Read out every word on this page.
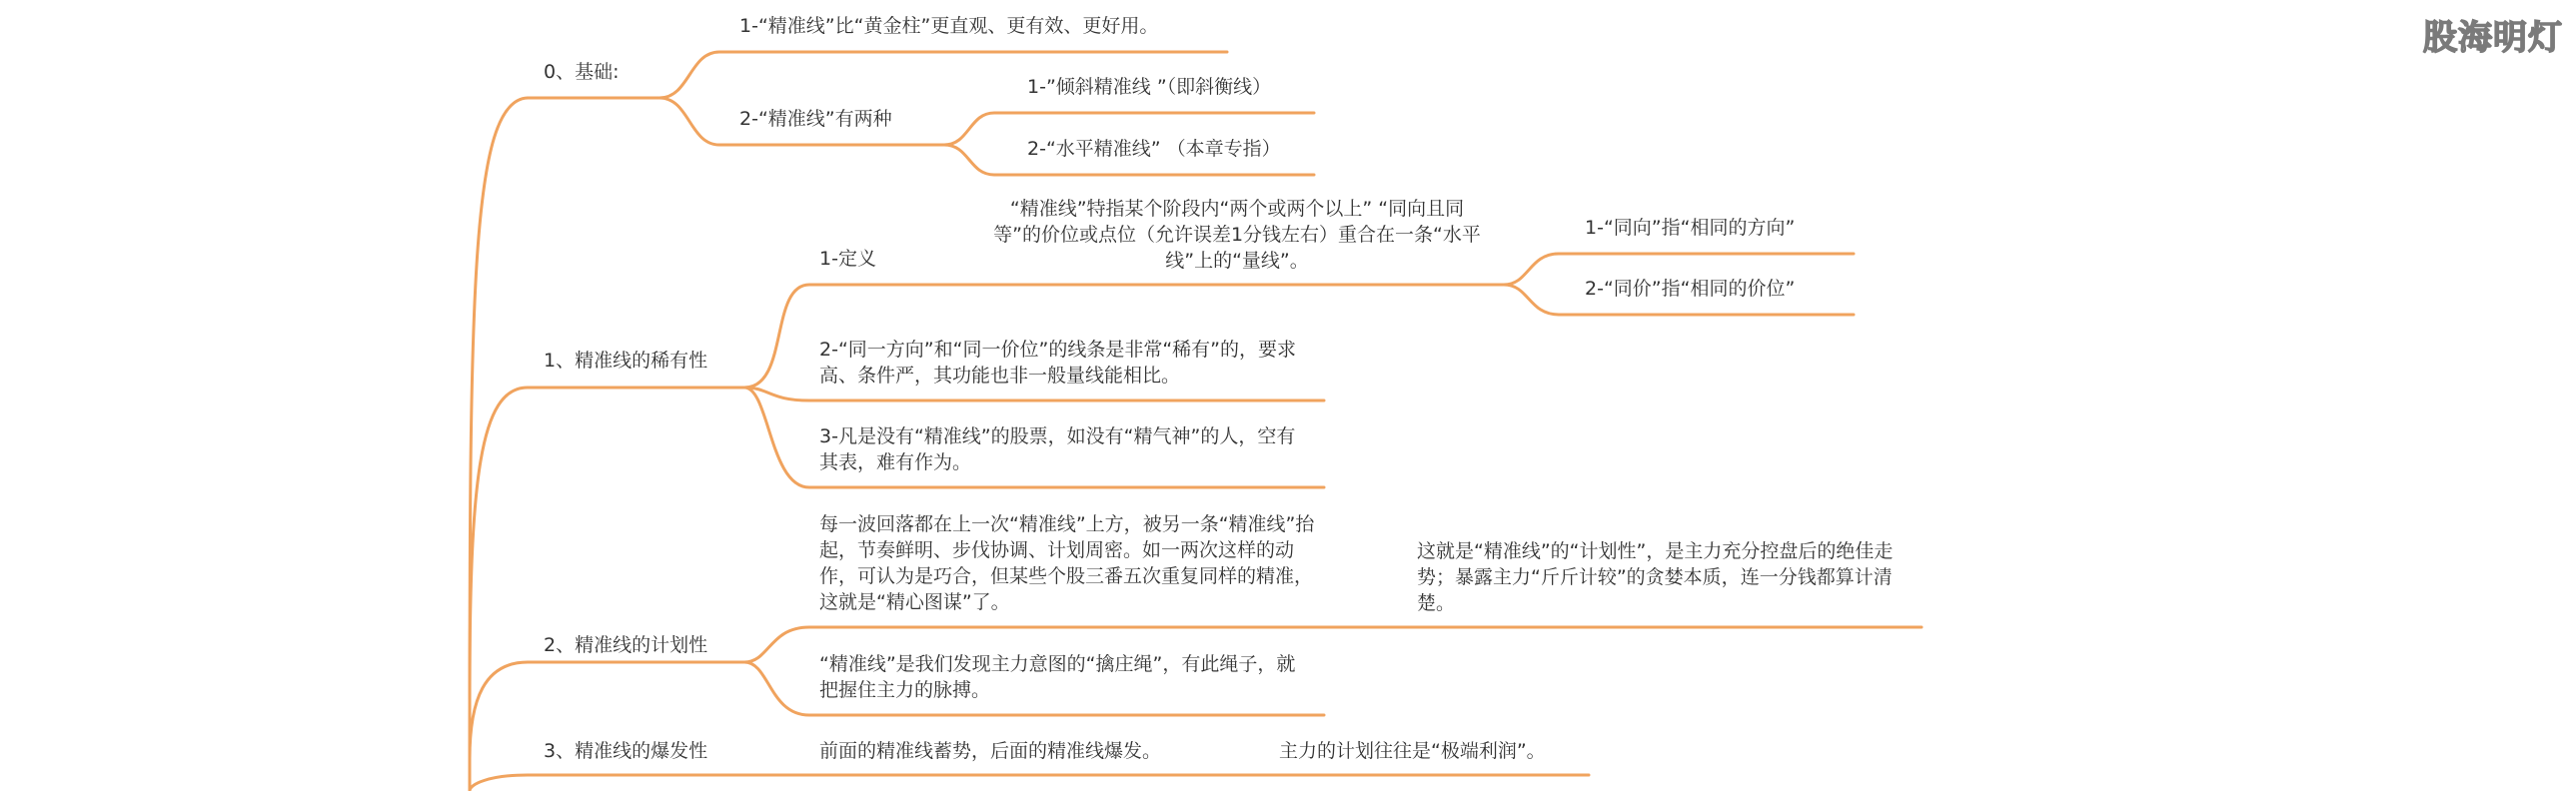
0、基础:

1-“精准线”比“黄金柱”更直观、更有效、更好用。

2-“精准线”有两种

1-”倾斜精准线 ”（即斜衡线）

2-“水平精准线” （本章专指）

1、精准线的稀有性

1-定义

“精准线”特指某个阶段内“两个或两个以上” “同向且同等”的价位或点位（允许误差1分钱左右）重合在一条“水平线”上的“量线”。

1-“同向”指“相同的方向”

2-“同价”指“相同的价位”

2-“同一方向”和“同一价位”的线条是非常“稀有”的，要求高、条件严，其功能也非一般量线能相比。

3-凡是没有“精准线”的股票，如没有“精气神”的人，空有其表，难有作为。

2、精准线的计划性

每一波回落都在上一次“精准线”上方，被另一条“精准线”抬起，节奏鲜明、步伐协调、计划周密。如一两次这样的动作，可认为是巧合，但某些个股三番五次重复同样的精准，这就是“精心图谋”了。

这就是“精准线”的“计划性”，是主力充分控盘后的绝佳走势；暴露主力“斤斤计较”的贪婪本质，连一分钱都算计清楚。

“精准线”是我们发现主力意图的“擒庄绳”，有此绳子，就把握住主力的脉搏。

3、精准线的爆发性	前面的精准线蓄势，后面的精准线爆发。	主力的计划往往是“极端利润”。

股海明灯
